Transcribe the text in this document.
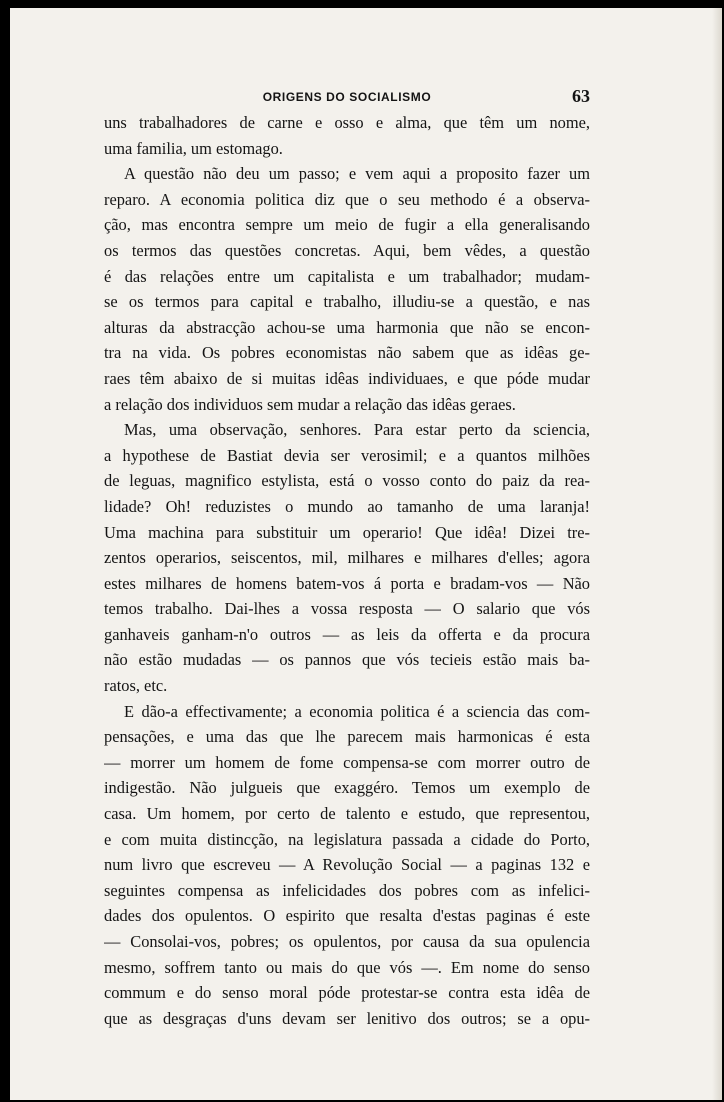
ORIGENS DO SOCIALISMO	63
uns trabalhadores de carne e osso e alma, que têm um nome,
uma familia, um estomago.
A questão não deu um passo; e vem aqui a proposito fazer um
reparo. A economia politica diz que o seu methodo é a observa-
ção, mas encontra sempre um meio de fugir a ella generalisando
os termos das questões concretas. Aqui, bem vêdes, a questão
é das relações entre um capitalista e um trabalhador; mudam-
se os termos para capital e trabalho, illudiu-se a questão, e nas
alturas da abstracção achou-se uma harmonia que não se encon-
tra na vida. Os pobres economistas não sabem que as idêas ge-
raes têm abaixo de si muitas idêas individuaes, e que póde mudar
a relação dos individuos sem mudar a relação das idêas geraes.
Mas, uma observação, senhores. Para estar perto da sciencia,
a hypothese de Bastiat devia ser verosimil; e a quantos milhões
de leguas, magnifico estylista, está o vosso conto do paiz da rea-
lidade? Oh! reduzistes o mundo ao tamanho de uma laranja!
Uma machina para substituir um operario! Que idêa! Dizei tre-
zentos operarios, seiscentos, mil, milhares e milhares d'elles; agora
estes milhares de homens batem-vos á porta e bradam-vos — Não
temos trabalho. Dai-lhes a vossa resposta — O salario que vós
ganhaveis ganham-n'o outros — as leis da offerta e da procura
não estão mudadas — os pannos que vós tecieis estão mais ba-
ratos, etc.
E dão-a effectivamente; a economia politica é a sciencia das com-
pensações, e uma das que lhe parecem mais harmonicas é esta
— morrer um homem de fome compensa-se com morrer outro de
indigestão. Não julgueis que exaggéro. Temos um exemplo de
casa. Um homem, por certo de talento e estudo, que representou,
e com muita distincção, na legislatura passada a cidade do Porto,
num livro que escreveu — A Revolução Social — a paginas 132 e
seguintes compensa as infelicidades dos pobres com as infelici-
dades dos opulentos. O espirito que resalta d'estas paginas é este
— Consolai-vos, pobres; os opulentos, por causa da sua opulencia
mesmo, soffrem tanto ou mais do que vós —. Em nome do senso
commum e do senso moral póde protestar-se contra esta idêa de
que as desgraças d'uns devam ser lenitivo dos outros; se a opu-
